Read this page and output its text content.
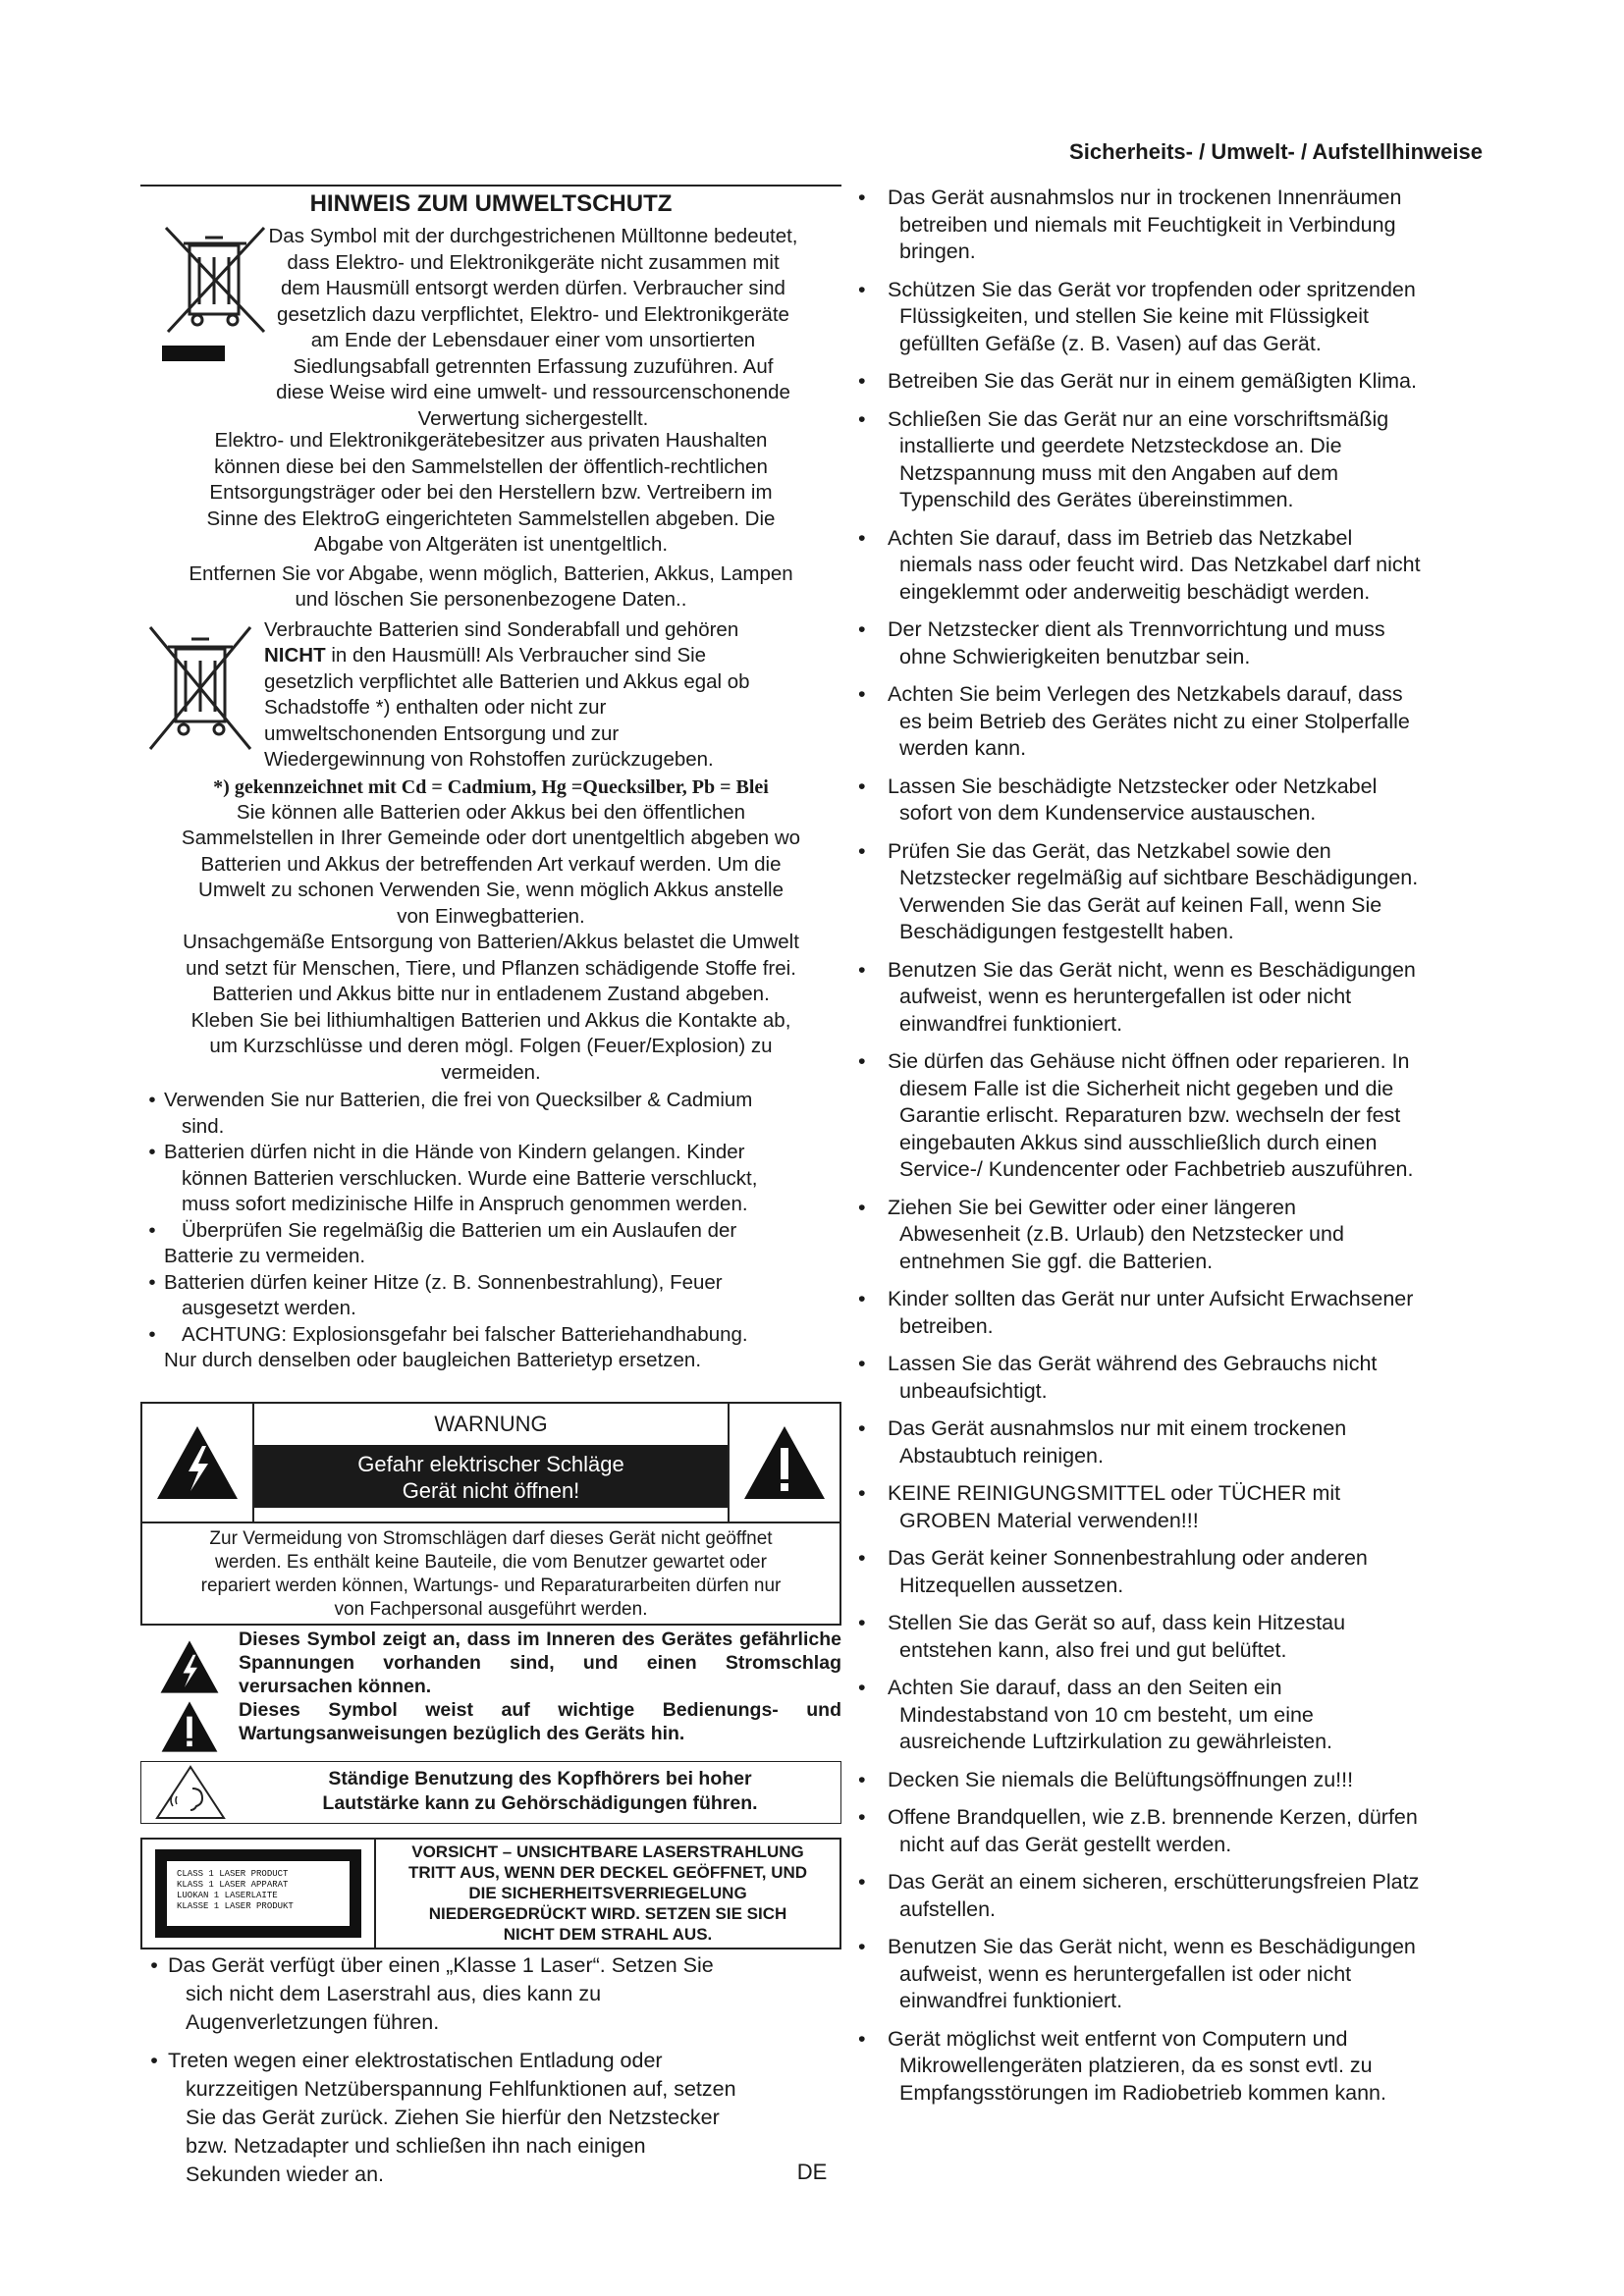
Sicherheits- / Umwelt- / Aufstellhinweise
HINWEIS ZUM UMWELTSCHUTZ
Das Symbol mit der durchgestrichenen Mülltonne bedeutet,
dass Elektro- und Elektronikgeräte nicht zusammen mit
dem Hausmüll entsorgt werden dürfen. Verbraucher sind
gesetzlich dazu verpflichtet, Elektro- und Elektronikgeräte
am Ende der Lebensdauer einer vom unsortierten
Siedlungsabfall getrennten Erfassung zuzuführen. Auf
diese Weise wird eine umwelt- und ressourcenschonende
Verwertung sichergestellt.
Elektro- und Elektronikgerätebesitzer aus privaten Haushalten
können diese bei den Sammelstellen der öffentlich-rechtlichen
Entsorgungsträger oder bei den Herstellern bzw. Vertreibern im
Sinne des ElektroG eingerichteten Sammelstellen abgeben. Die
Abgabe von Altgeräten ist unentgeltlich.
Entfernen Sie vor Abgabe, wenn möglich, Batterien, Akkus, Lampen
und löschen Sie personenbezogene Daten..
Verbrauchte Batterien sind Sonderabfall und gehören
NICHT in den Hausmüll! Als Verbraucher sind Sie
gesetzlich verpflichtet alle Batterien und Akkus egal ob
Schadstoffe *) enthalten oder nicht zur
umweltschonenden Entsorgung und zur
Wiedergewinnung von Rohstoffen zurückzugeben.
*) gekennzeichnet mit Cd = Cadmium, Hg =Quecksilber, Pb = Blei
Sie können alle Batterien oder Akkus bei den öffentlichen
Sammelstellen in Ihrer Gemeinde oder dort unentgeltlich abgeben wo
Batterien und Akkus der betreffenden Art verkauf werden. Um die
Umwelt zu schonen Verwenden Sie, wenn möglich Akkus anstelle
von Einwegbatterien.
Unsachgemäße Entsorgung von Batterien/Akkus belastet die Umwelt
und setzt für Menschen, Tiere, und Pflanzen schädigende Stoffe frei.
Batterien und Akkus bitte nur in entladenem Zustand abgeben.
Kleben Sie bei lithiumhaltigen Batterien und Akkus die Kontakte ab,
um Kurzschlüsse und deren mögl. Folgen (Feuer/Explosion) zu
vermeiden.
• Verwenden Sie nur Batterien, die frei von Quecksilber & Cadmium
sind.
• Batterien dürfen nicht in die Hände von Kindern gelangen. Kinder
können Batterien verschlucken. Wurde eine Batterie verschluckt,
muss sofort medizinische Hilfe in Anspruch genommen werden.
•	Überprüfen Sie regelmäßig die Batterien um ein Auslaufen der
Batterie zu vermeiden.
• Batterien dürfen keiner Hitze (z. B. Sonnenbestrahlung), Feuer
ausgesetzt werden.
•	ACHTUNG: Explosionsgefahr bei falscher Batteriehandhabung.
Nur durch denselben oder baugleichen Batterietyp ersetzen.
WARNUNG
Gefahr elektrischer Schläge
Gerät nicht öffnen!
Zur Vermeidung von Stromschlägen darf dieses Gerät nicht geöffnet
werden. Es enthält keine Bauteile, die vom Benutzer gewartet oder
repariert werden können, Wartungs- und Reparaturarbeiten dürfen nur
von Fachpersonal ausgeführt werden.
Dieses Symbol zeigt an, dass im Inneren des Gerätes gefährliche Spannungen vorhanden sind, und einen Stromschlag verursachen können.
Dieses Symbol weist auf wichtige Bedienungs- und Wartungsanweisungen bezüglich des Geräts hin.
Ständige Benutzung des Kopfhörers bei hoher
Lautstärke kann zu Gehörschädigungen führen.
CLASS 1 LASER PRODUCT
KLASS 1 LASER APPARAT
LUOKAN 1 LASERLAITE
KLASSE 1 LASER PRODUKT
VORSICHT – UNSICHTBARE LASERSTRAHLUNG
TRITT AUS, WENN DER DECKEL GEÖFFNET, UND
DIE SICHERHEITSVERRIEGELUNG
NIEDERGEDRÜCKT WIRD. SETZEN SIE SICH
NICHT DEM STRAHL AUS.
• Das Gerät verfügt über einen „Klasse 1 Laser“. Setzen Sie
sich nicht dem Laserstrahl aus, dies kann zu
Augenverletzungen führen.
• Treten wegen einer elektrostatischen Entladung oder
kurzzeitigen Netzüberspannung Fehlfunktionen auf, setzen
Sie das Gerät zurück. Ziehen Sie hierfür den Netzstecker
bzw. Netzadapter und schließen ihn nach einigen
Sekunden wieder an.
•	Das Gerät ausnahmslos nur in trockenen Innenräumen
betreiben und niemals mit Feuchtigkeit in Verbindung
bringen.
•	Schützen Sie das Gerät vor tropfenden oder spritzenden
Flüssigkeiten, und stellen Sie keine mit Flüssigkeit
gefüllten Gefäße (z. B. Vasen) auf das Gerät.
•	Betreiben Sie das Gerät nur in einem gemäßigten Klima.
•	Schließen Sie das Gerät nur an eine vorschriftsmäßig
installierte und geerdete Netzsteckdose an. Die
Netzspannung muss mit den Angaben auf dem
Typenschild des Gerätes übereinstimmen.
•	Achten Sie darauf, dass im Betrieb das Netzkabel
niemals nass oder feucht wird. Das Netzkabel darf nicht
eingeklemmt oder anderweitig beschädigt werden.
•	Der Netzstecker dient als Trennvorrichtung und muss
ohne Schwierigkeiten benutzbar sein.
•	Achten Sie beim Verlegen des Netzkabels darauf, dass
es beim Betrieb des Gerätes nicht zu einer Stolperfalle
werden kann.
•	Lassen Sie beschädigte Netzstecker oder Netzkabel
sofort von dem Kundenservice austauschen.
•	Prüfen Sie das Gerät, das Netzkabel sowie den
Netzstecker regelmäßig auf sichtbare Beschädigungen.
Verwenden Sie das Gerät auf keinen Fall, wenn Sie
Beschädigungen festgestellt haben.
•	Benutzen Sie das Gerät nicht, wenn es Beschädigungen
aufweist, wenn es heruntergefallen ist oder nicht
einwandfrei funktioniert.
•	Sie dürfen das Gehäuse nicht öffnen oder reparieren. In
diesem Falle ist die Sicherheit nicht gegeben und die
Garantie erlischt. Reparaturen bzw. wechseln der fest
eingebauten Akkus sind ausschließlich durch einen
Service-/ Kundencenter oder Fachbetrieb auszuführen.
•	Ziehen Sie bei Gewitter oder einer längeren
Abwesenheit (z.B. Urlaub) den Netzstecker und
entnehmen Sie ggf. die Batterien.
•	Kinder sollten das Gerät nur unter Aufsicht Erwachsener
betreiben.
•	Lassen Sie das Gerät während des Gebrauchs nicht
unbeaufsichtigt.
•	Das Gerät ausnahmslos nur mit einem trockenen
Abstaubtuch reinigen.
•	KEINE REINIGUNGSMITTEL oder TÜCHER mit
GROBEN Material verwenden!!!
•	Das Gerät keiner Sonnenbestrahlung oder anderen
Hitzequellen aussetzen.
•	Stellen Sie das Gerät so auf, dass kein Hitzestau
entstehen kann, also frei und gut belüftet.
•	Achten Sie darauf, dass an den Seiten ein
Mindestabstand von 10 cm besteht, um eine
ausreichende Luftzirkulation zu gewährleisten.
•	Decken Sie niemals die Belüftungsöffnungen zu!!!
•	Offene Brandquellen, wie z.B. brennende Kerzen, dürfen
nicht auf das Gerät gestellt werden.
•	Das Gerät an einem sicheren, erschütterungsfreien Platz
aufstellen.
•	Benutzen Sie das Gerät nicht, wenn es Beschädigungen
aufweist, wenn es heruntergefallen ist oder nicht
einwandfrei funktioniert.
•	Gerät möglichst weit entfernt von Computern und
Mikrowellengeräten platzieren, da es sonst evtl. zu
Empfangsstörungen im Radiobetrieb kommen kann.
DE
